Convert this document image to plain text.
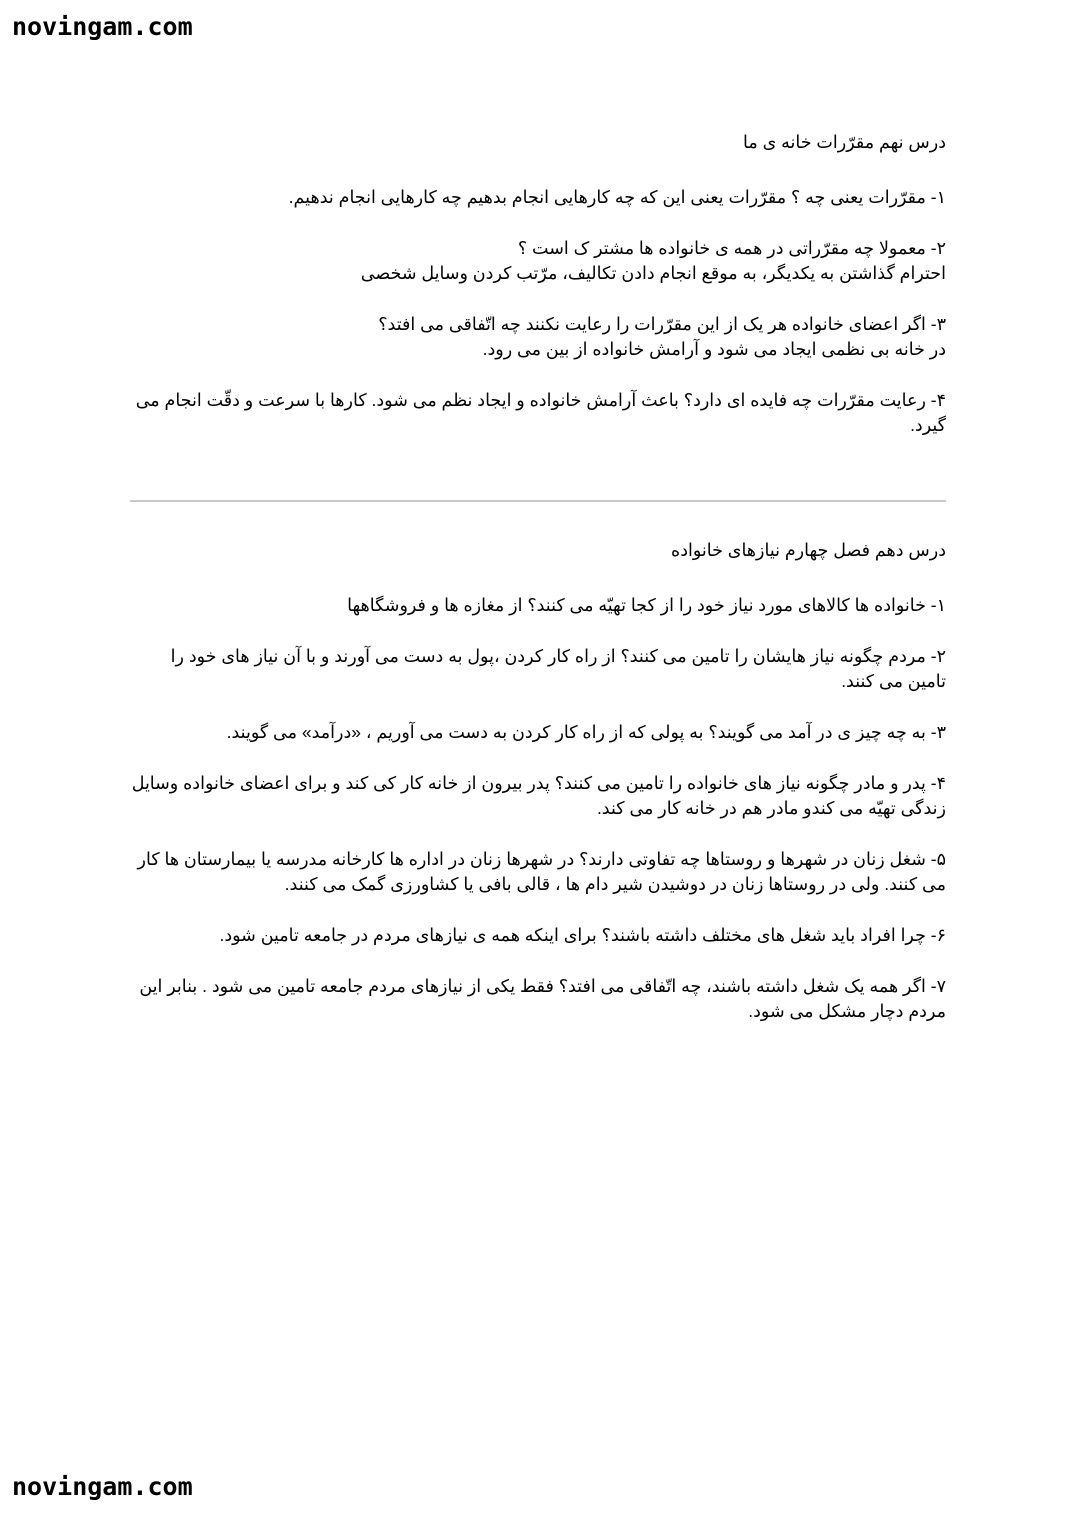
novingam.com

درس نهم مقرّرات خانه ی ما

۱- مقرّرات یعنی چه ؟ مقرّرات یعنی این که چه کارهایی انجام بدهیم چه کارهایی انجام ندهیم.

۲- معمولا چه مقرّراتی در همه ی خانواده ها مشتر ک است ؟

احترام گذاشتن به یکدیگر، به موقع انجام دادن تکالیف، مرّتب کردن وسایل شخصی

۳- اگر اعضای خانواده هر یک از این مقرّرات را رعایت نکنند چه اتّفاقی می افتد؟

در خانه بی نظمی ایجاد می شود و آرامش خانواده از بین می رود.

۴- رعایت مقرّرات چه فایده ای دارد؟ باعث آرامش خانواده و ایجاد نظم می شود. کارها با سرعت و دقّت انجام می گیرد.

درس دهم فصل چهارم نیازهای خانواده

۱- خانواده ها کالاهای مورد نیاز خود را از کجا تهیّه می کنند؟ از مغازه ها و فروشگاهها

۲- مردم چگونه نیاز هایشان را تامین می کنند؟ از راه کار کردن ،پول به دست می آورند و با آن نیاز های خود را تامین می کنند.

۳- به چه چیز ی در آمد می گویند؟ به پولی که از راه کار کردن به دست می آوریم ، «درآمد» می گویند.

۴- پدر و مادر چگونه نیاز های خانواده را تامین می کنند؟ پدر بیرون از خانه کار کی کند و برای اعضای خانواده وسایل زندگی تهیّه می کندو مادر هم در خانه کار می کند.

۵- شغل زنان در شهرها و روستاها چه تفاوتی دارند؟ در شهرها زنان در اداره ها کارخانه مدرسه یا بیمارستان ها کار می کنند. ولی در روستاها زنان در دوشیدن شیر دام ها ، قالی بافی یا کشاورزی گمک می کنند.

۶- چرا افراد باید شغل های مختلف داشته باشند؟ برای اینکه همه ی نیازهای مردم در جامعه تامین شود.

۷- اگر همه یک شغل داشته باشند، چه اتّفاقی می افتد؟ فقط یکی از نیازهای مردم جامعه تامین می شود . بنابر این مردم دچار مشکل می شود.

novingam.com
